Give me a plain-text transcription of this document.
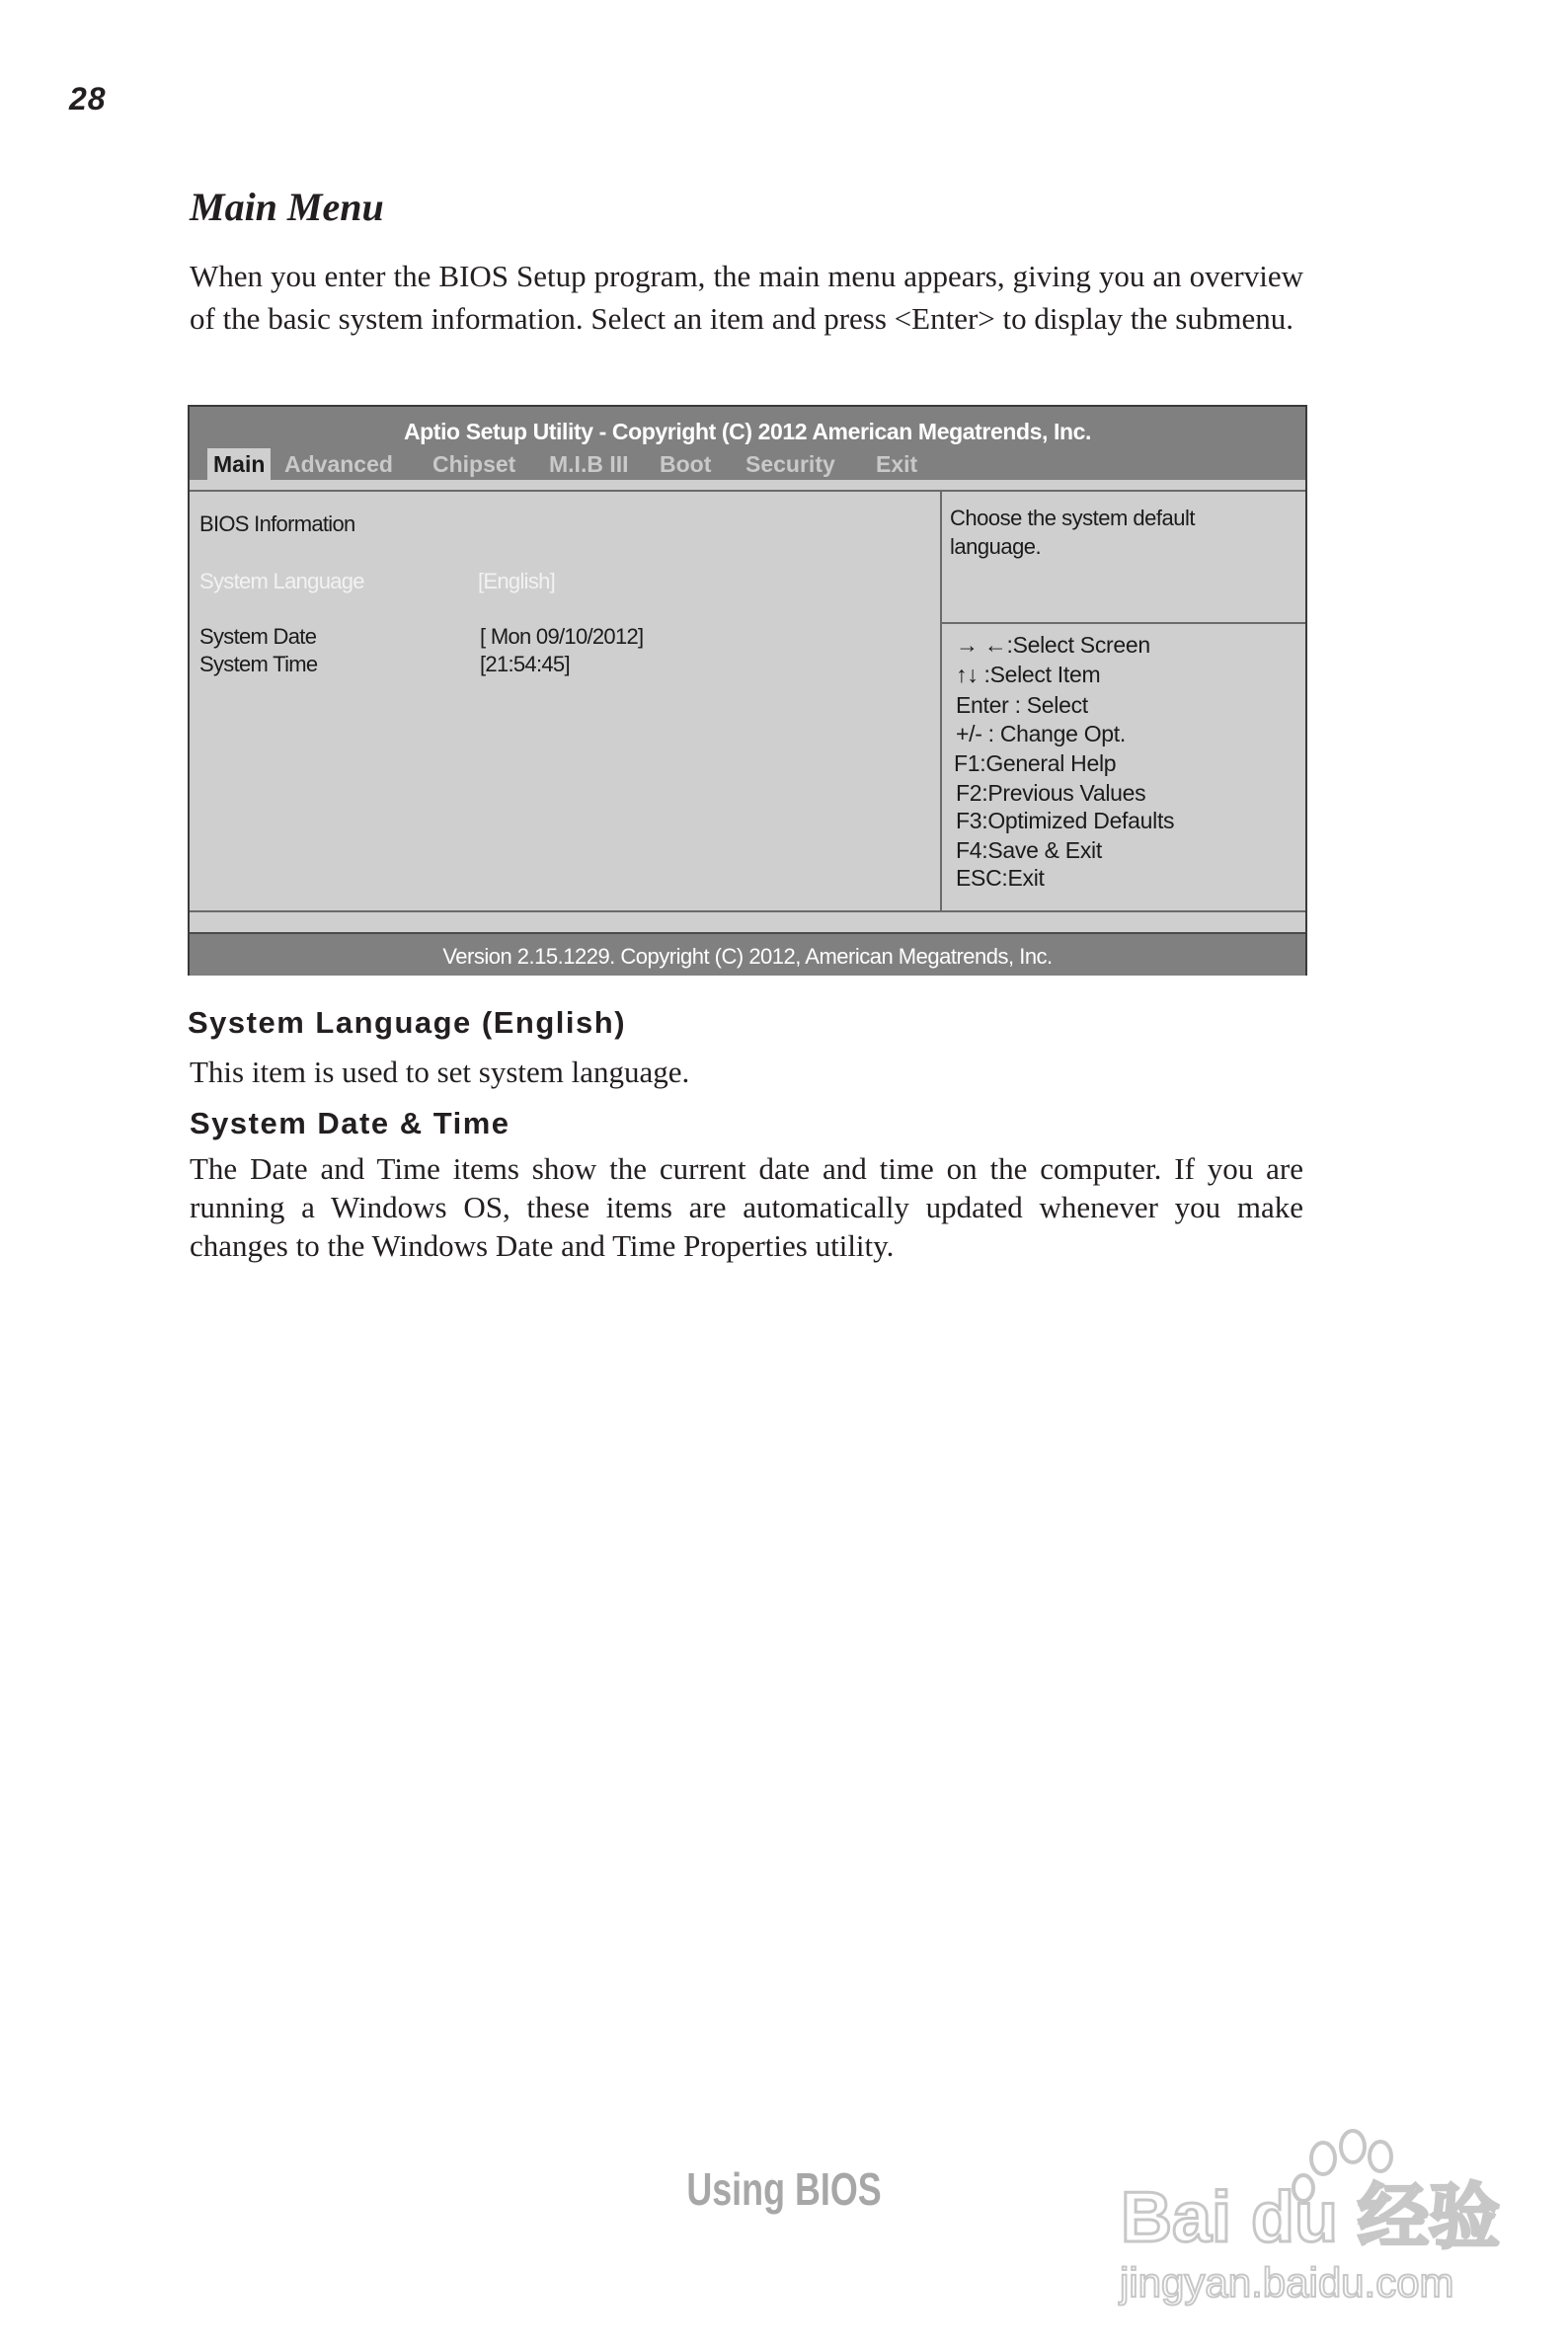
28
Main Menu
When you enter the BIOS Setup program, the main menu appears, giving you an overview of the basic system information. Select an item and press <Enter> to display the submenu.
Aptio Setup Utility - Copyright (C) 2012 American Megatrends, Inc.
Main Advanced Chipset M.I.B III Boot Security Exit
BIOS Information
System Language	[English]
System Date	[ Mon 09/10/2012]
System Time	[21:54:45]
Choose the system default language.
→ ←:Select Screen
↑↓ :Select Item
Enter : Select
+/- : Change Opt.
F1:General Help
F2:Previous Values
F3:Optimized Defaults
F4:Save & Exit
ESC:Exit
Version 2.15.1229. Copyright (C) 2012, American Megatrends, Inc.
System Language (English)
This item is used to set system language.
System Date & Time
The Date and Time items show the current date and time on the computer. If you are running a Windows OS, these items are automatically updated whenever you make changes to the Windows Date and Time Properties utility.
Using BIOS	Bai du 经验
jingyan.baidu.com
